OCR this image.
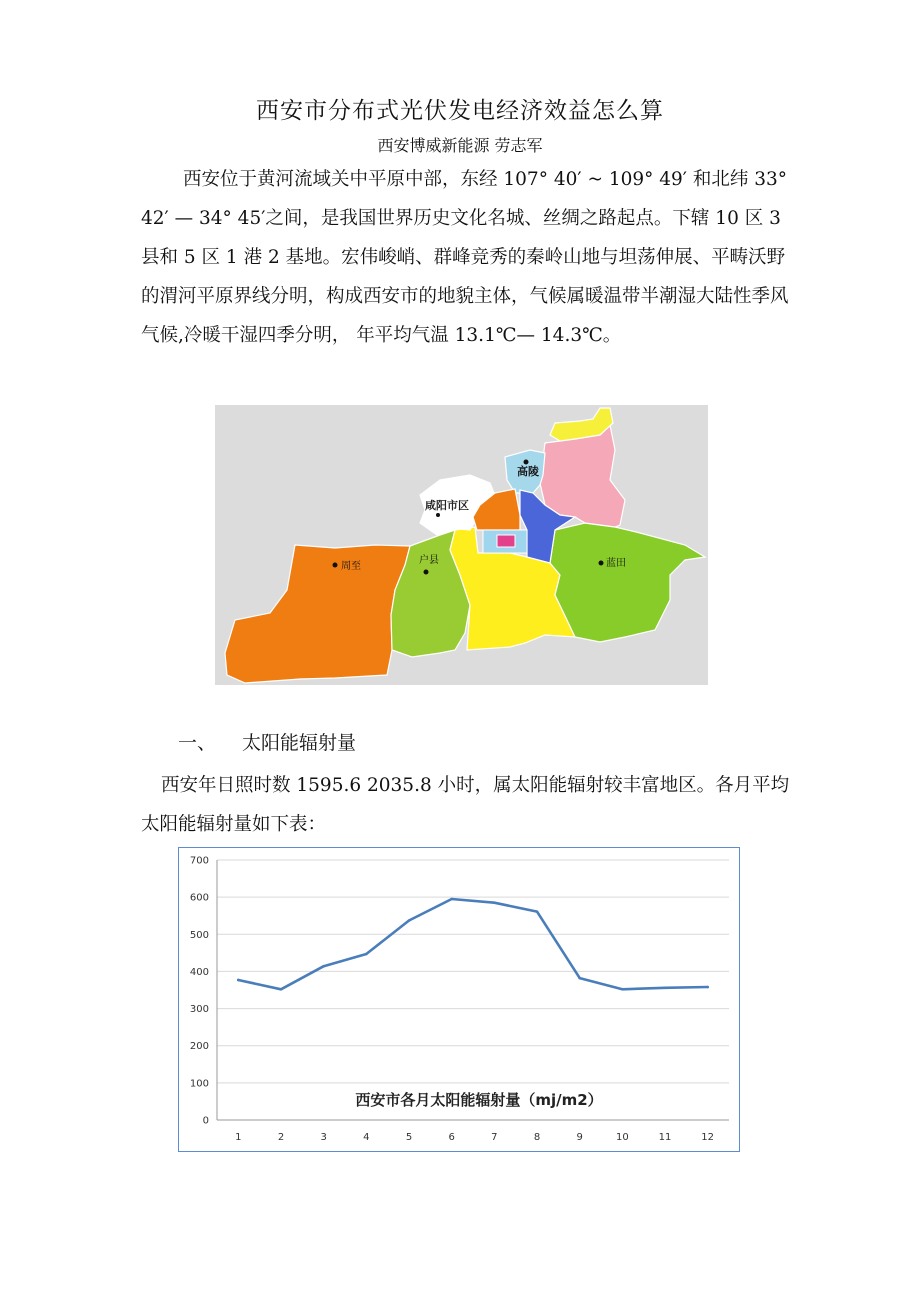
西安市分布式光伏发电经济效益怎么算
西安博威新能源 劳志军
西安位于黄河流域关中平原中部，东经 107° 40′ ~ 109° 49′ 和北纬 33° 42′ — 34° 45′之间，是我国世界历史文化名城、丝绸之路起点。下辖 10 区 3 县和 5 区 1 港 2 基地。宏伟峻峭、群峰竞秀的秦岭山地与坦荡伸展、平畴沃野的渭河平原界线分明，构成西安市的地貌主体，气候属暖温带半潮湿大陆性季风气候,冷暖干湿四季分明， 年平均气温 13.1℃— 14.3℃。
咸阳市区
周至
户县
高陵
蓝田
一、 太阳能辐射量
西安年日照时数 1595.6 2035.8 小时，属太阳能辐射较丰富地区。各月平均太阳能辐射量如下表：
0
100
200
300
400
500
600
700
1	2	3	4	5	6	7	8	9	10	11	12
西安市各月太阳能辐射量（mj/m2）
